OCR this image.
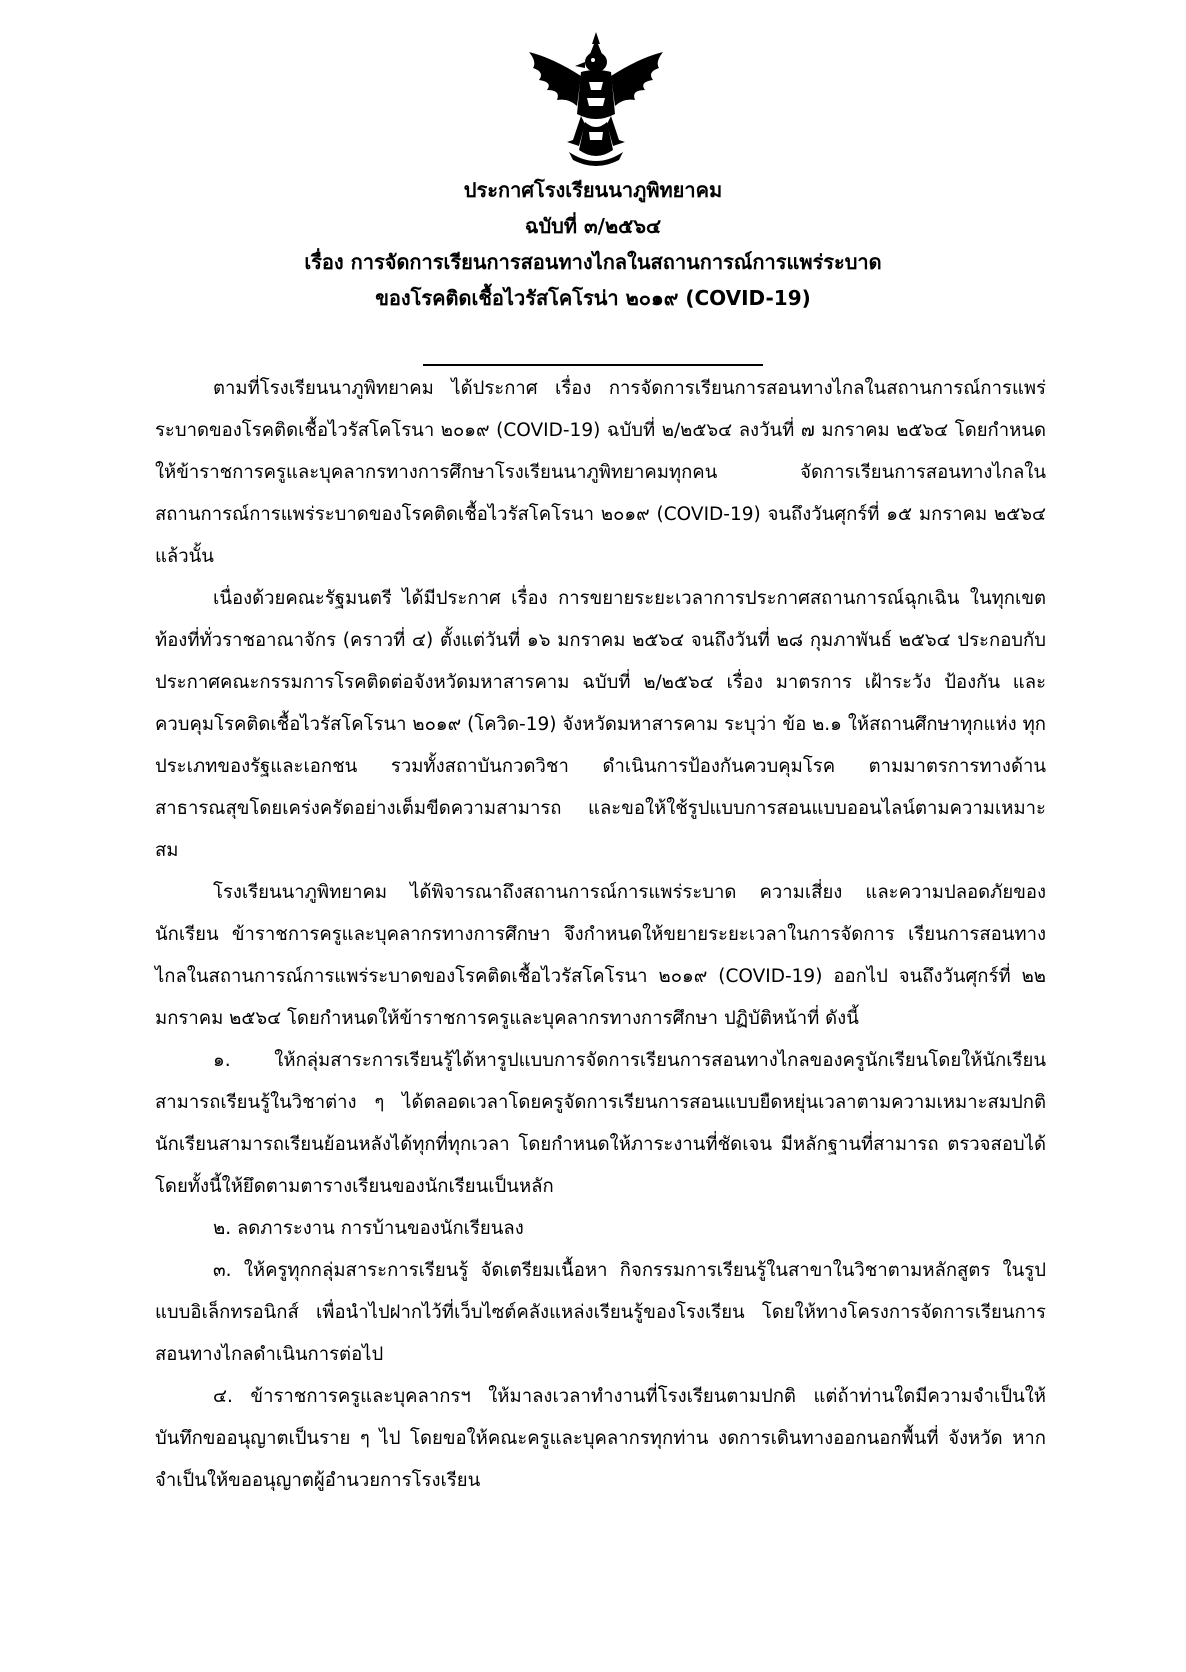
ประกาศโรงเรียนนาภูพิทยาคม
ฉบับที่ ๓/๒๕๖๔
เรื่อง การจัดการเรียนการสอนทางไกลในสถานการณ์การแพร่ระบาด
ของโรคติดเชื้อไวรัสโคโรน่า ๒๐๑๙ (COVID-19)

ตามที่โรงเรียนนาภูพิทยาคม ได้ประกาศ เรื่อง การจัดการเรียนการสอนทางไกลในสถานการณ์การแพร่ระบาดของโรคติดเชื้อไวรัสโคโรนา ๒๐๑๙ (COVID-19) ฉบับที่ ๒/๒๕๖๔ ลงวันที่ ๗ มกราคม ๒๕๖๔ โดยกำหนดให้ข้าราชการครูและบุคลากรทางการศึกษาโรงเรียนนาภูพิทยาคมทุกคน จัดการเรียนการสอนทางไกลในสถานการณ์การแพร่ระบาดของโรคติดเชื้อไวรัสโคโรนา ๒๐๑๙ (COVID-19) จนถึงวันศุกร์ที่ ๑๕ มกราคม ๒๕๖๔ แล้วนั้น

เนื่องด้วยคณะรัฐมนตรี ได้มีประกาศ เรื่อง การขยายระยะเวลาการประกาศสถานการณ์ฉุกเฉิน ในทุกเขตท้องที่ทั่วราชอาณาจักร (คราวที่ ๔) ตั้งแต่วันที่ ๑๖ มกราคม ๒๕๖๔ จนถึงวันที่ ๒๘ กุมภาพันธ์ ๒๕๖๔ ประกอบกับ ประกาศคณะกรรมการโรคติดต่อจังหวัดมหาสารคาม ฉบับที่ ๒/๒๕๖๔ เรื่อง มาตรการ เฝ้าระวัง ป้องกัน และควบคุมโรคติดเชื้อไวรัสโคโรนา ๒๐๑๙ (โควิด-19) จังหวัดมหาสารคาม ระบุว่า ข้อ ๒.๑ ให้สถานศึกษาทุกแห่ง ทุกประเภทของรัฐและเอกชน รวมทั้งสถาบันกวดวิชา ดำเนินการป้องกันควบคุมโรค ตามมาตรการทางด้านสาธารณสุขโดยเคร่งครัดอย่างเต็มขีดความสามารถ และขอให้ใช้รูปแบบการสอนแบบออนไลน์ตามความเหมาะสม

โรงเรียนนาภูพิทยาคม ได้พิจารณาถึงสถานการณ์การแพร่ระบาด ความเสี่ยง และความปลอดภัยของนักเรียน ข้าราชการครูและบุคลากรทางการศึกษา จึงกำหนดให้ขยายระยะเวลาในการจัดการ เรียนการสอนทางไกลในสถานการณ์การแพร่ระบาดของโรคติดเชื้อไวรัสโคโรนา ๒๐๑๙ (COVID-19) ออกไป จนถึงวันศุกร์ที่ ๒๒ มกราคม ๒๕๖๔ โดยกำหนดให้ข้าราชการครูและบุคลากรทางการศึกษา ปฏิบัติหน้าที่ ดังนี้

๑. ให้กลุ่มสาระการเรียนรู้ได้หารูปแบบการจัดการเรียนการสอนทางไกลของครูนักเรียนโดยให้นักเรียนสามารถเรียนรู้ในวิชาต่าง ๆ ได้ตลอดเวลาโดยครูจัดการเรียนการสอนแบบยืดหยุ่นเวลาตามความเหมาะสมปกติ นักเรียนสามารถเรียนย้อนหลังได้ทุกที่ทุกเวลา โดยกำหนดให้ภาระงานที่ชัดเจน มีหลักฐานที่สามารถ ตรวจสอบได้ โดยทั้งนี้ให้ยึดตามตารางเรียนของนักเรียนเป็นหลัก

๒. ลดภาระงาน การบ้านของนักเรียนลง

๓. ให้ครูทุกกลุ่มสาระการเรียนรู้ จัดเตรียมเนื้อหา กิจกรรมการเรียนรู้ในสาขาในวิชาตามหลักสูตร ในรูปแบบอิเล็กทรอนิกส์ เพื่อนำไปฝากไว้ที่เว็บไซต์คลังแหล่งเรียนรู้ของโรงเรียน โดยให้ทางโครงการจัดการเรียนการสอนทางไกลดำเนินการต่อไป

๔. ข้าราชการครูและบุคลากรฯ ให้มาลงเวลาทำงานที่โรงเรียนตามปกติ แต่ถ้าท่านใดมีความจำเป็นให้บันทึกขออนุญาตเป็นราย ๆ ไป โดยขอให้คณะครูและบุคลากรทุกท่าน งดการเดินทางออกนอกพื้นที่ จังหวัด หากจำเป็นให้ขออนุญาตผู้อำนวยการโรงเรียน
